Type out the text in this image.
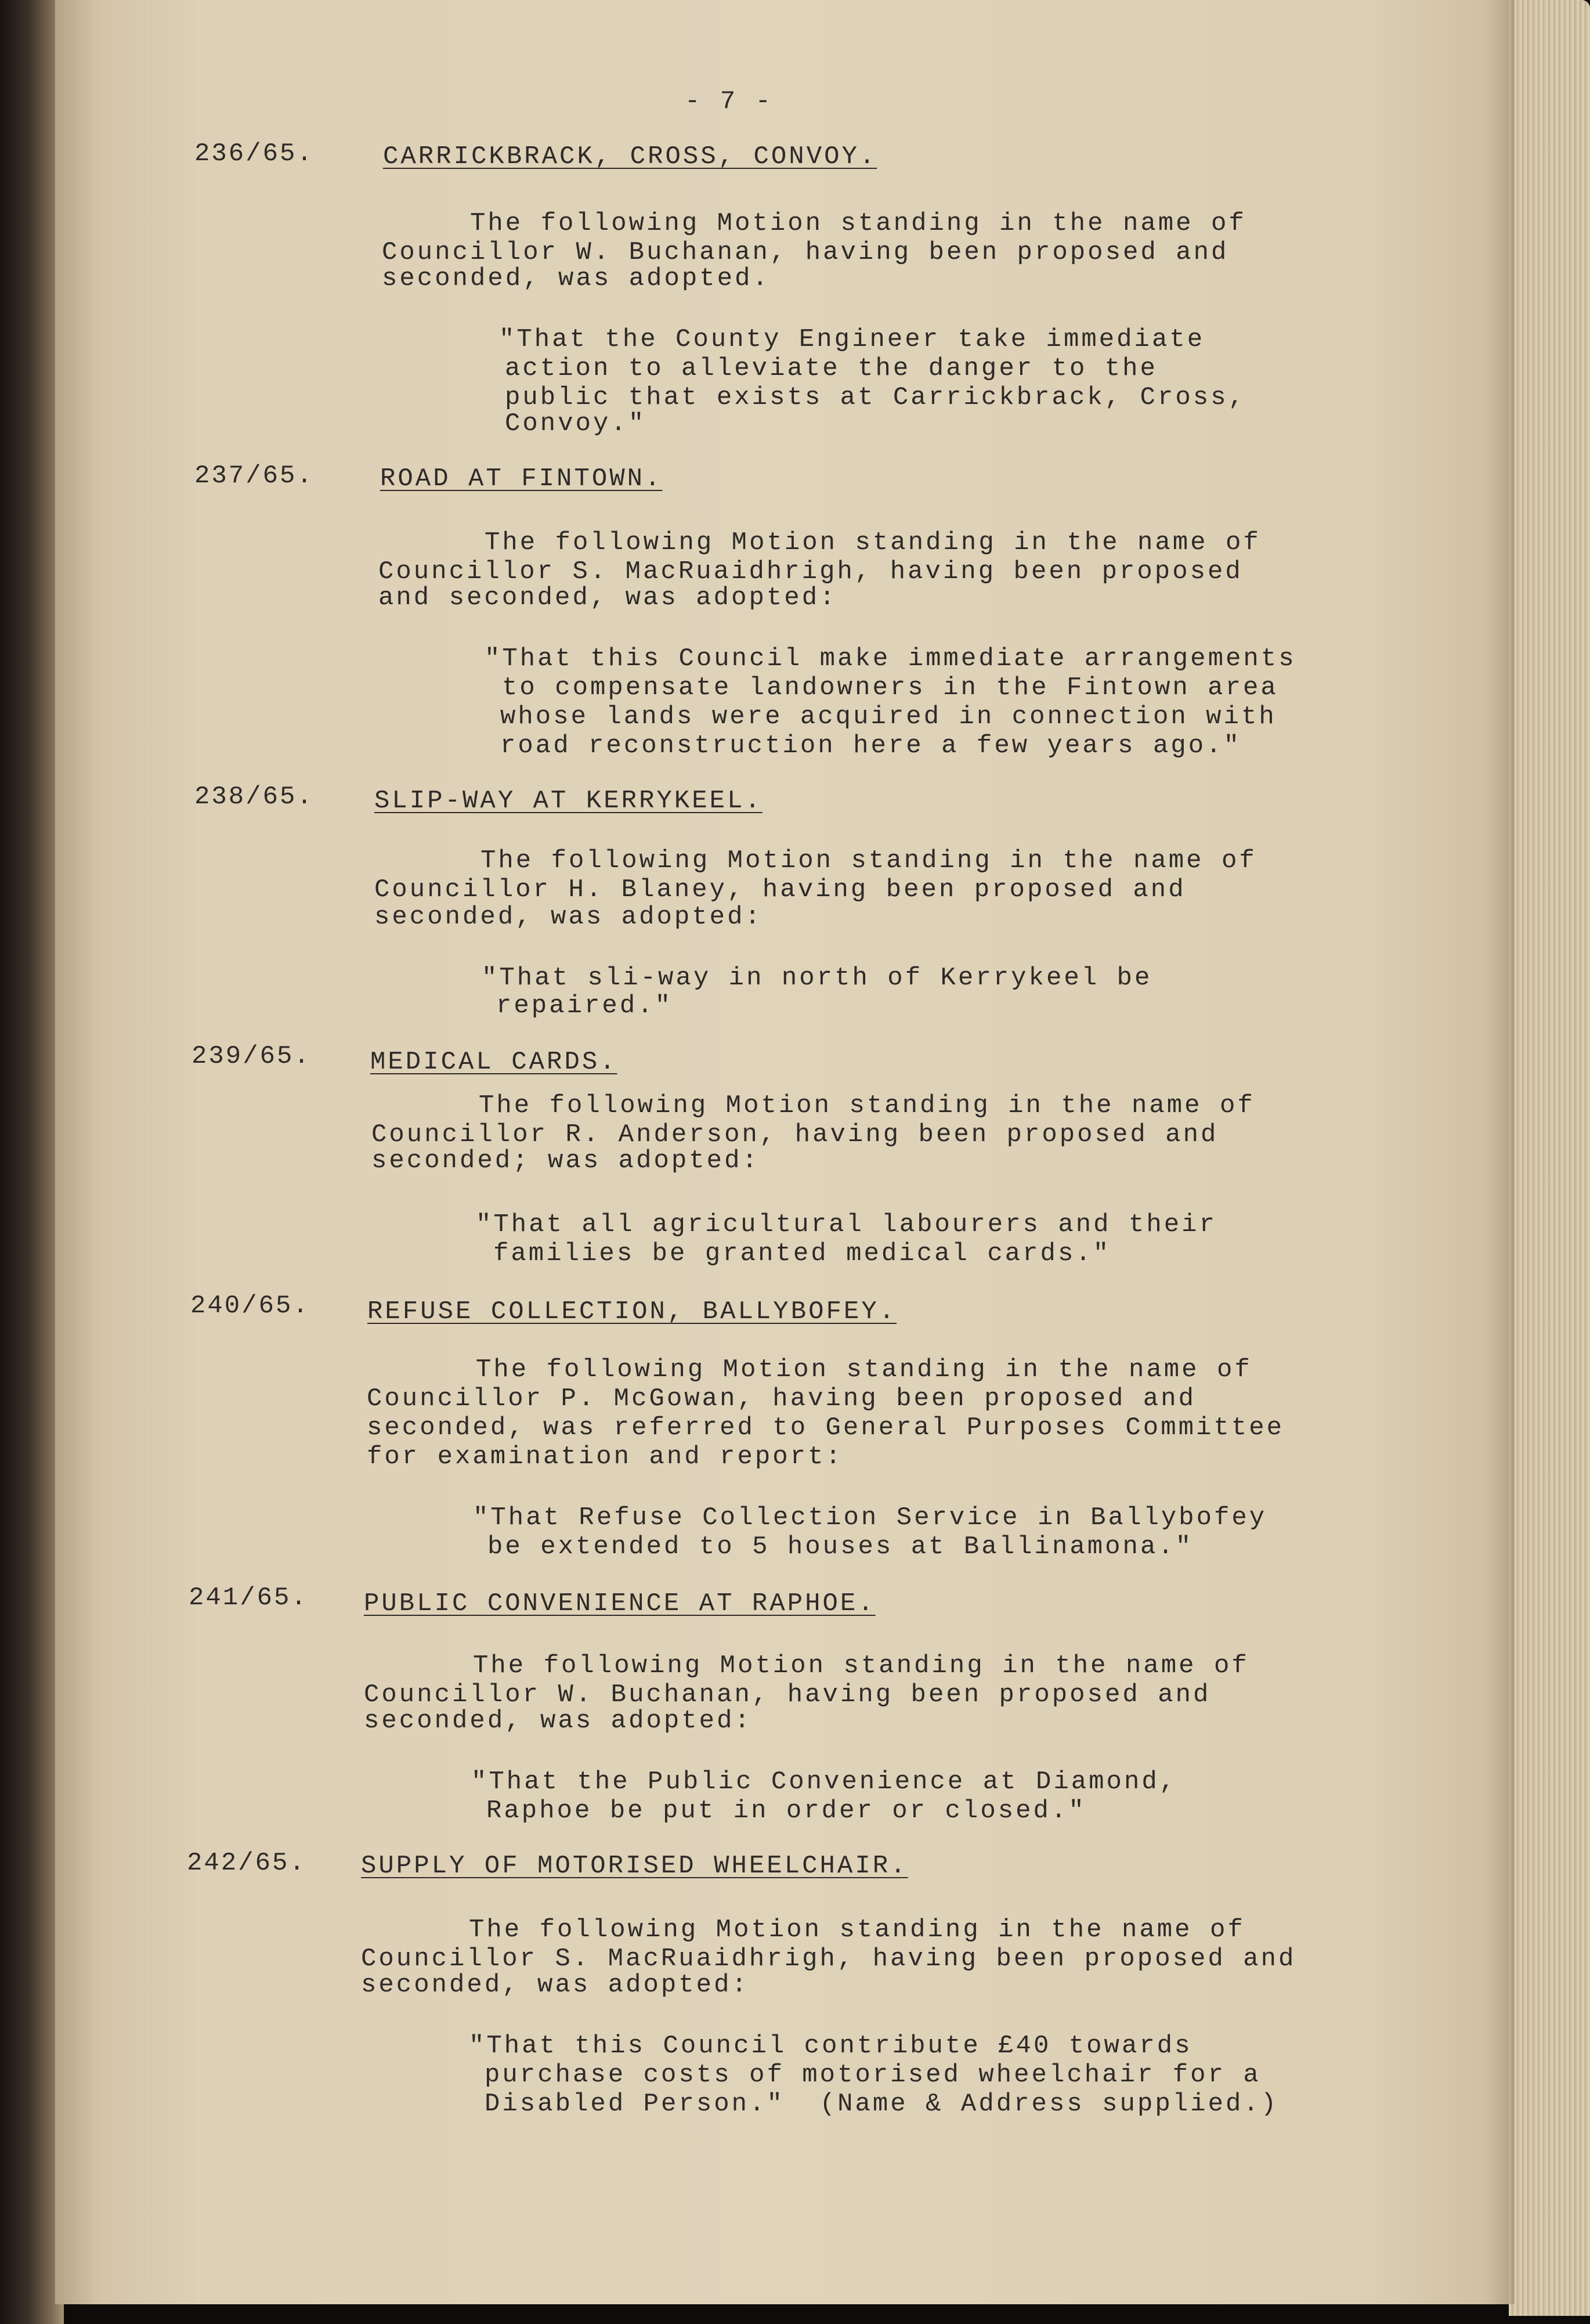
- 7 -
236/65.	CARRICKBRACK, CROSS, CONVOY.
The following Motion standing in the name of
Councillor W. Buchanan, having been proposed and
seconded, was adopted.
"That the County Engineer take immediate
action to alleviate the danger to the
public that exists at Carrickbrack, Cross,
Convoy."
237/65.	ROAD AT FINTOWN.
The following Motion standing in the name of
Councillor S. MacRuaidhrigh, having been proposed
and seconded, was adopted:
"That this Council make immediate arrangements
to compensate landowners in the Fintown area
whose lands were acquired in connection with
road reconstruction here a few years ago."
238/65. SLIP-WAY AT KERRYKEEL.
The following Motion standing in the name of
Councillor H. Blaney, having been proposed and
seconded, was adopted:
"That sli-way in north of Kerrykeel be
repaired."
239/65. MEDICAL CARDS.
The following Motion standing in the name of
Councillor R. Anderson, having been proposed and
seconded; was adopted:
"That all agricultural labourers and their
families be granted medical cards."
240/65. REFUSE COLLECTION, BALLYBOFEY.
The following Motion standing in the name of
Councillor P. McGowan, having been proposed and
seconded, was referred to General Purposes Committee
for examination and report:
"That Refuse Collection Service in Ballybofey
be extended to 5 houses at Ballinamona."
241/65. PUBLIC CONVENIENCE AT RAPHOE.
The following Motion standing in the name of
Councillor W. Buchanan, having been proposed and
seconded, was adopted:
"That the Public Convenience at Diamond,
Raphoe be put in order or closed."
242/65. SUPPLY OF MOTORISED WHEELCHAIR.
The following Motion standing in the name of
Councillor S. MacRuaidhrigh, having been proposed and
seconded, was adopted:
"That this Council contribute £40 towards
purchase costs of motorised wheelchair for a
Disabled Person."  (Name & Address supplied.)
